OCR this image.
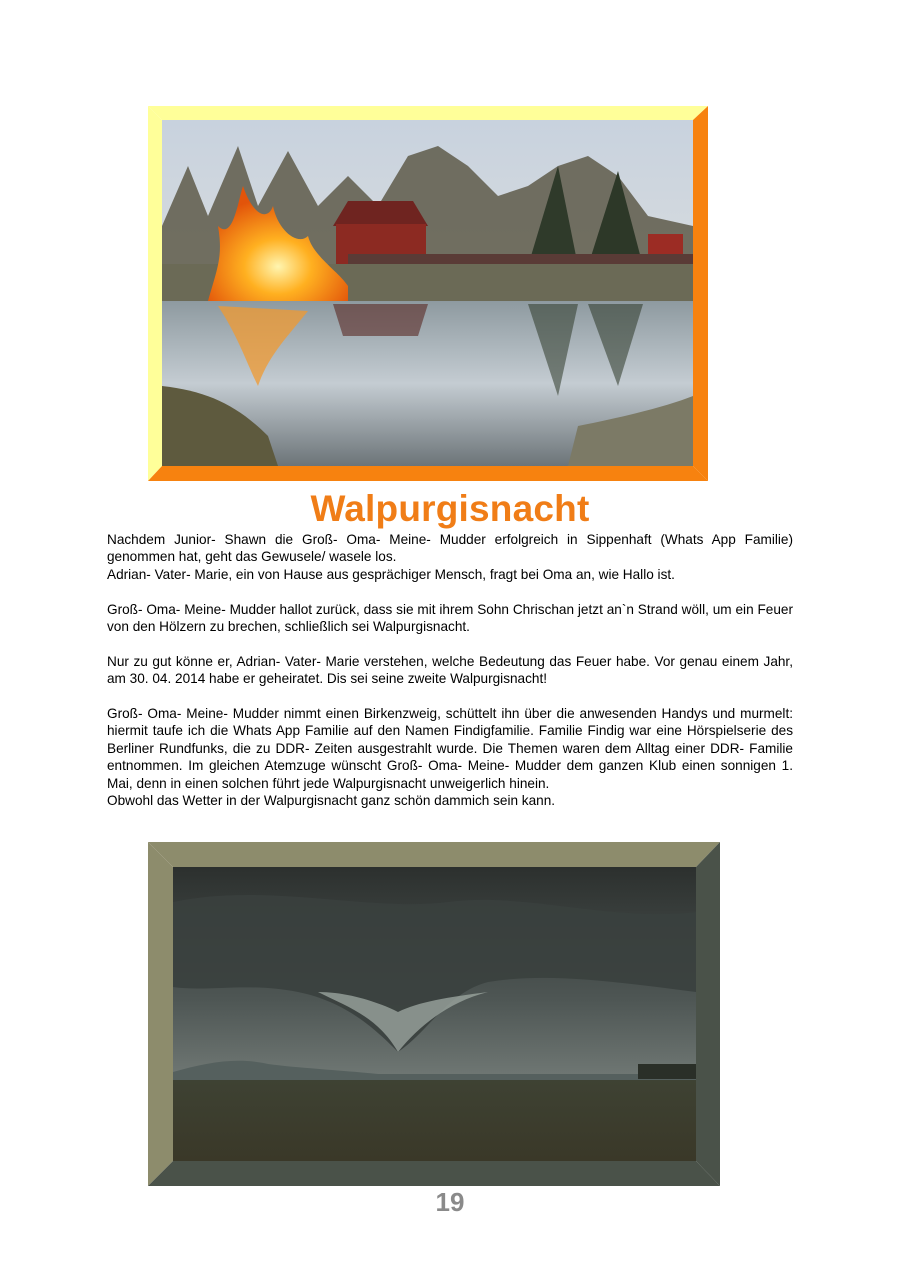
Walpurgisnacht

Nachdem Junior- Shawn die Groß- Oma- Meine- Mudder erfolgreich in Sippenhaft (Whats App Familie) genommen hat, geht das Gewusele/ wasele los.

Adrian- Vater- Marie, ein von Hause aus gesprächiger Mensch, fragt bei Oma an, wie Hallo ist.

Groß- Oma- Meine- Mudder hallot zurück, dass sie mit ihrem Sohn Chrischan jetzt an`n Strand wöll, um ein Feuer von den Hölzern zu brechen, schließlich sei Walpurgisnacht.

Nur zu gut könne er, Adrian- Vater- Marie verstehen, welche Bedeutung das Feuer habe. Vor genau einem Jahr, am 30. 04. 2014 habe er geheiratet. Dis sei seine zweite Walpurgisnacht!

Groß- Oma- Meine- Mudder nimmt einen Birkenzweig, schüttelt ihn über die anwesenden Handys und murmelt: hiermit taufe ich die Whats App Familie auf den Namen Findigfamilie. Familie Findig war eine Hörspielserie des Berliner Rundfunks, die zu DDR- Zeiten ausgestrahlt wurde. Die Themen waren dem Alltag einer DDR- Familie entnommen. Im gleichen Atemzuge wünscht Groß- Oma- Meine- Mudder dem ganzen Klub einen sonnigen 1. Mai, denn in einen solchen führt jede Walpurgisnacht unweigerlich hinein.

Obwohl das Wetter in der Walpurgisnacht ganz schön dammich sein kann.

19
